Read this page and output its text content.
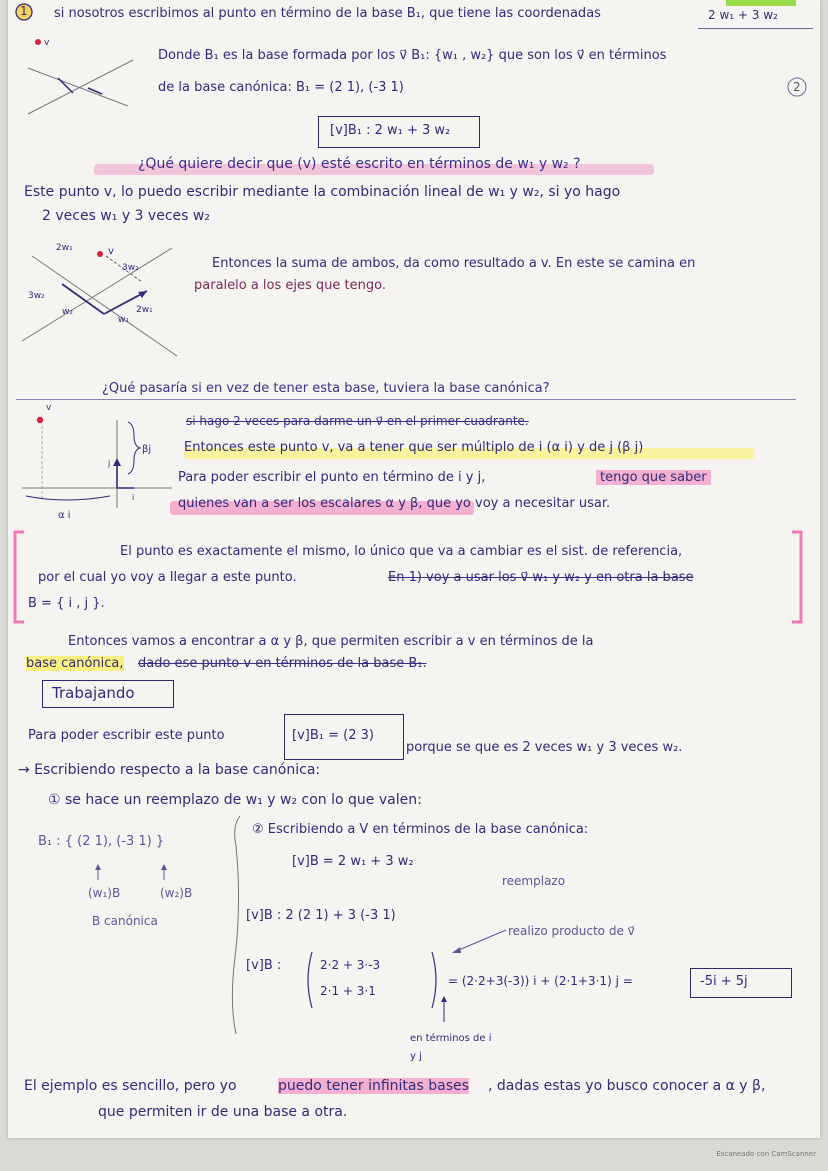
1 si nosotros escribimos al punto en término de la base B₁, que tiene las coordenadas	2 w₁ + 3 w₂
v
Donde B₁ es la base formada por los v⃗ B₁: {w₁ , w₂} que son los v⃗ en términos
de la base canónica: B₁ = (2 1), (-3 1)	2
[v]B₁ : 2 w₁ + 3 w₂
¿Qué quiere decir que (v) esté escrito en términos de w₁ y w₂ ?
Este punto v, lo puedo escribir mediante la combinación lineal de w₁ y w₂, si yo hago
2 veces w₁ y 3 veces w₂
2w₁	v
3w₂
3w₂
w₂
w₁
2w₁
Entonces la suma de ambos, da como resultado a v. En este se camina en
paralelo a los ejes que tengo.
¿Qué pasaría si en vez de tener esta base, tuviera la base canónica?
si hago 2 veces para darme un v⃗ en el primer cuadrante.
v
βj
j
i
α i
Entonces este punto v, va a tener que ser múltiplo de i (α i) y de j (β j)
Para poder escribir el punto en término de i y j,	tengo que saber
quienes van a ser los escalares α y β, que yo voy a necesitar usar.
El punto es exactamente el mismo, lo único que va a cambiar es el sist. de referencia,
por el cual yo voy a llegar a este punto.	En 1) voy a usar los v⃗ w₁ y w₂ y en otra la base
B = { i , j }.
Entonces vamos a encontrar a α y β, que permiten escribir a v en términos de la
base canónica, dado ese punto v en términos de la base B₁.
Trabajando
Para poder escribir este punto	[v]B₁ = (2 3)
porque se que es 2 veces w₁ y 3 veces w₂.
→ Escribiendo respecto a la base canónica:
① se hace un reemplazo de w₁ y w₂ con lo que valen:
B₁ : { (2 1), (-3 1) }
(w₁)B	(w₂)B
B canónica
② Escribiendo a V en términos de la base canónica:
[v]B = 2 w₁ + 3 w₂
reemplazo
[v]B : 2 (2 1) + 3 (-3 1)
realizo producto de v⃗
[v]B :	2·2 + 3·-3
2·1 + 3·1
= (2·2+3(-3)) i + (2·1+3·1) j =	-5i + 5j
en términos de i y j
El ejemplo es sencillo, pero yo	puedo tener infinitas bases , dadas estas yo busco conocer a α y β,
que permiten ir de una base a otra.
Escaneado con CamScanner
